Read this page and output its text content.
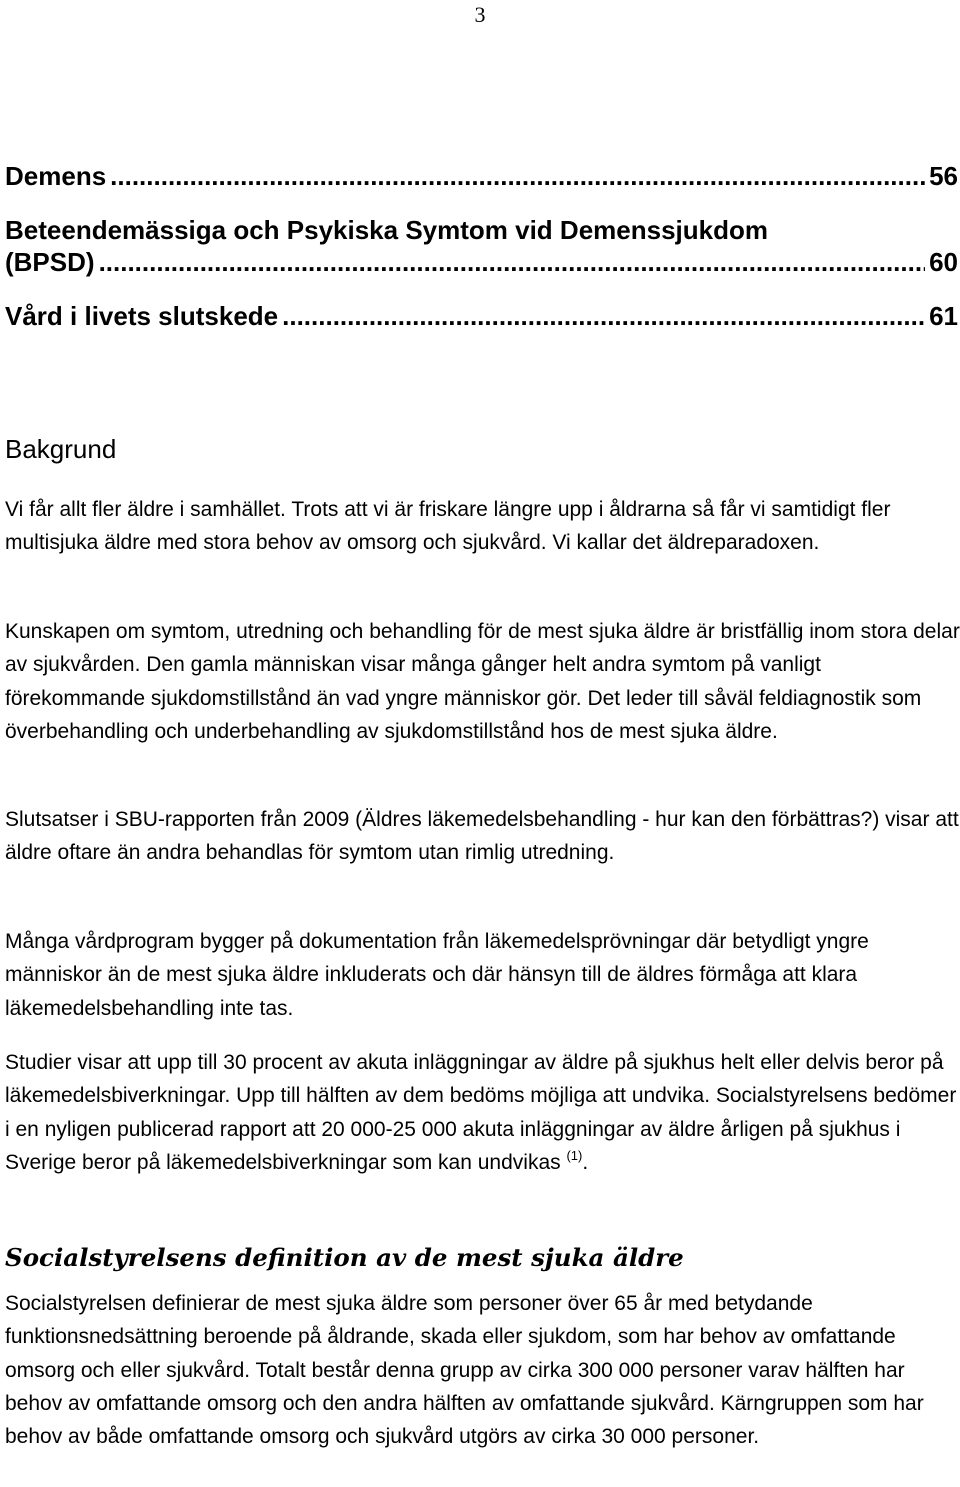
3
Demens .....	56
Beteendemässiga och Psykiska Symtom vid Demenssjukdom
(BPSD) .....	60
Vård i livets slutskede .....	61
Bakgrund

Vi får allt fler äldre i samhället. Trots att vi är friskare längre upp i åldrarna så får vi samtidigt fler multisjuka äldre med stora behov av omsorg och sjukvård. Vi kallar det äldreparadoxen.

Kunskapen om symtom, utredning och behandling för de mest sjuka äldre är bristfällig inom stora delar av sjukvården. Den gamla människan visar många gånger helt andra symtom på vanligt förekommande sjukdomstillstånd än vad yngre människor gör. Det leder till såväl feldiagnostik som överbehandling och underbehandling av sjukdomstillstånd hos de mest sjuka äldre.

Slutsatser i SBU-rapporten från 2009 (Äldres läkemedelsbehandling - hur kan den förbättras?) visar att äldre oftare än andra behandlas för symtom utan rimlig utredning.

Många vårdprogram bygger på dokumentation från läkemedelsprövningar där betydligt yngre människor än de mest sjuka äldre inkluderats och där hänsyn till de äldres förmåga att klara läkemedelsbehandling inte tas.

Studier visar att upp till 30 procent av akuta inläggningar av äldre på sjukhus helt eller delvis beror på läkemedelsbiverkningar. Upp till hälften av dem bedöms möjliga att undvika. Socialstyrelsens bedömer i en nyligen publicerad rapport att 20 000-25 000 akuta inläggningar av äldre årligen på sjukhus i Sverige beror på läkemedelsbiverkningar som kan undvikas $^{(1)}$.

Socialstyrelsens definition av de mest sjuka äldre

Socialstyrelsen definierar de mest sjuka äldre som personer över 65 år med betydande funktionsnedsättning beroende på åldrande, skada eller sjukdom, som har behov av omfattande omsorg och eller sjukvård. Totalt består denna grupp av cirka 300 000 personer varav hälften har behov av omfattande omsorg och den andra hälften av omfattande sjukvård. Kärngruppen som har behov av både omfattande omsorg och sjukvård utgörs av cirka 30 000 personer.
